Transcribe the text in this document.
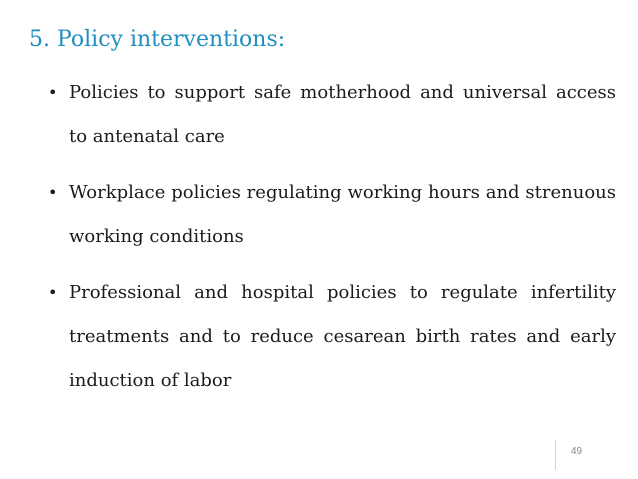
5. Policy interventions:
• Policies to support safe motherhood and universal access to antenatal care
• Workplace policies regulating working hours and strenuous working conditions
• Professional and hospital policies to regulate infertility treatments and to reduce cesarean birth rates and early induction of labor
49
